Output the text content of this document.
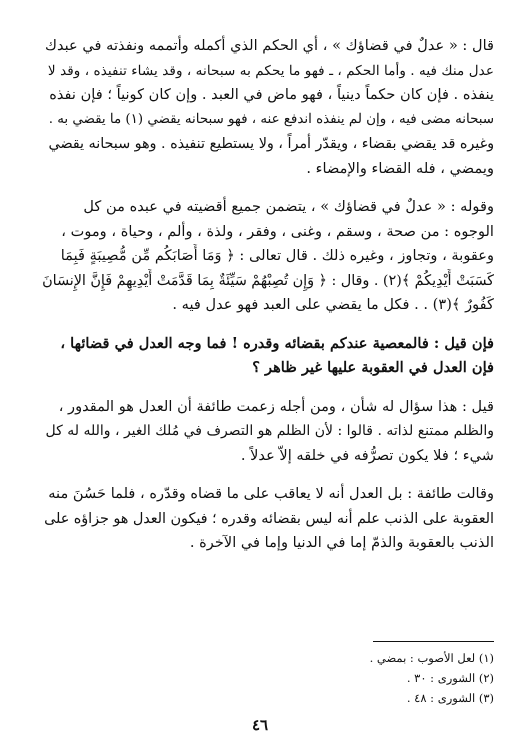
قال : « عدلٌ في قضاؤك » ، أي الحكم الذي أكمله وأتممه ونفذته في عبدك

عدل منك فيه . وأما الحكم ، ـ فهو ما يحكم به سبحانه ، وقد يشاء تنفيذه ، وقد لا

ينفذه . فإن كان حكماً دينياً ، فهو ماض في العبد . وإن كان كونياً ؛ فإن نفذه

سبحانه مضى فيه ، وإن لم ينفذه اندفع عنه ، فهو سبحانه يقضي (١) ما يقضي به .

وغيره قد يقضي بقضاء ، ويقدّر أمراً ، ولا يستطيع تنفيذه . وهو سبحانه يقضي

ويمضي ، فله القضاء والإمضاء .

وقوله : « عدلٌ في قضاؤك » ، يتضمن جميع أقضيته في عبده من كل

الوجوه : من صحة ، وسقم ، وغنى ، وفقر ، ولذة ، وألم ، وحياة ، وموت ،

وعقوبة ، وتجاوز ، وغيره ذلك . قال تعالى : ﴿ وَمَا أَصَابَكُم مِّن مُّصِيبَةٍ فَبِمَا

كَسَبَتْ أَيْدِيكُمْ ﴾(٢) . وقال : ﴿ وَإِن تُصِبْهُمْ سَيِّئَةٌ بِمَا قَدَّمَتْ أَيْدِيهِمْ فَإِنَّ الإِنسَانَ

كَفُورٌ ﴾(٣) . . فكل ما يقضي على العبد فهو عدل فيه .

فإن قيل : فالمعصية عندكم بقضائه وقدره ! فما وجه العدل في قضائها ،

فإن العدل في العقوبة عليها غير ظاهر ؟

قيل : هذا سؤال له شأن ، ومن أجله زعمت طائفة أن العدل هو المقدور ،

والظلم ممتنع لذاته . قالوا : لأن الظلم هو التصرف في مُلك الغير ، والله له كل

شيء ؛ فلا يكون تصرُّفه في خلقه إلاّ عدلاً .

وقالت طائفة : بل العدل أنه لا يعاقب على ما قضاه وقدّره ، فلما حَسُنَ منه

العقوبة على الذنب علم أنه ليس بقضائه وقدره ؛ فيكون العدل هو جزاؤه على

الذنب بالعقوبة والذمّ إما في الدنيا وإما في الآخرة .

(١) لعل الأصوب : بمضي .
(٢) الشورى : ٣٠ .
(٣) الشورى : ٤٨ .
٤٦
